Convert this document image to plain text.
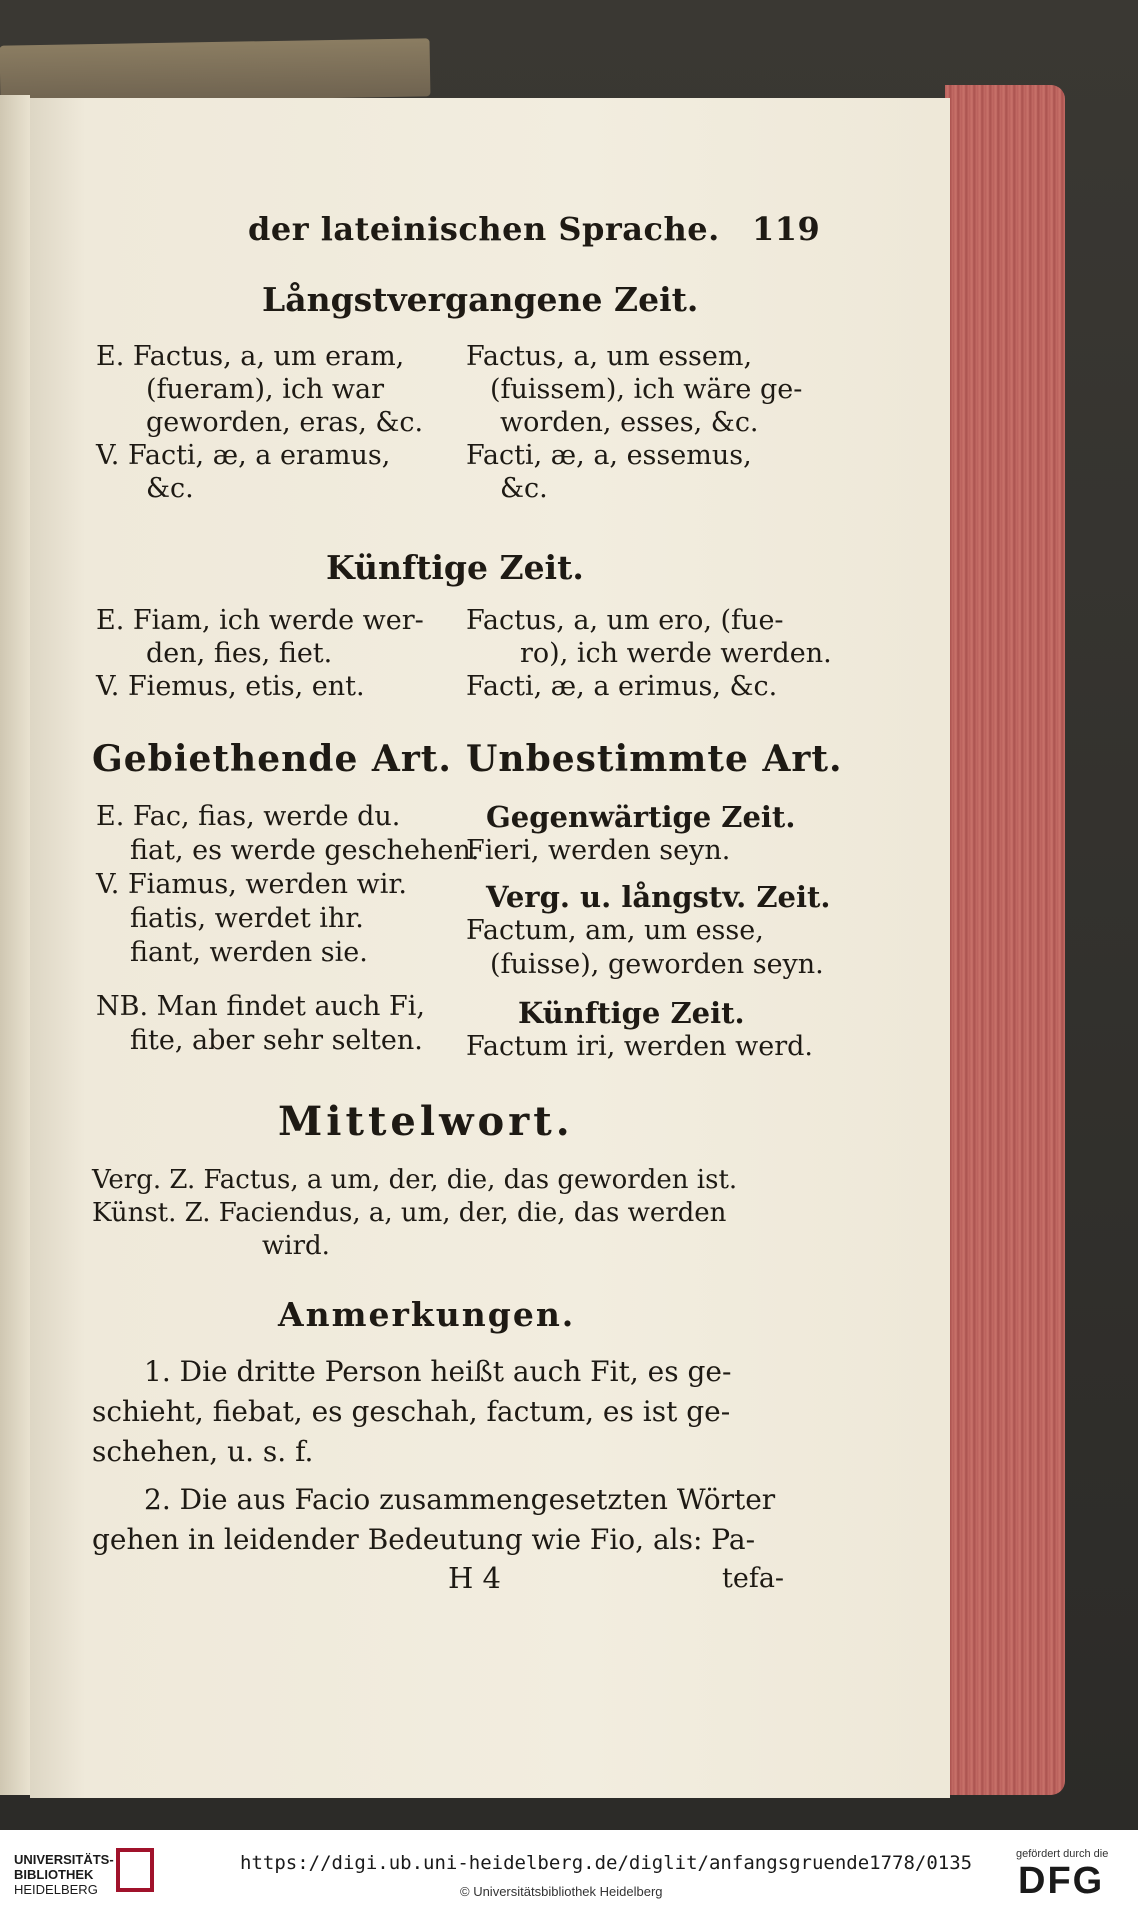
der lateinischen Sprache. 119
Långstvergangene Zeit.
E. Factus, a, um eram,
(fueram), ich war
geworden, eras, &c.
V. Facti, æ, a eramus,
&c.
Factus, a, um essem,
(fuissem), ich wäre ge-
worden, esses, &c.
Facti, æ, a, essemus,
&c.
Künftige Zeit.
E. Fiam, ich werde wer-
den, fies, fiet.
V. Fiemus, etis, ent.
Factus, a, um ero, (fue-
ro), ich werde werden.
Facti, æ, a erimus, &c.
Gebiethende Art. Unbestimmte Art.
E. Fac, fias, werde du.
fiat, es werde geschehen.
V. Fiamus, werden wir.
fiatis, werdet ihr.
fiant, werden sie.
NB. Man findet auch Fi,
fite, aber sehr selten.
Gegenwärtige Zeit.
Fieri, werden seyn.
Verg. u. långstv. Zeit.
Factum, am, um esse,
(fuisse), geworden seyn.
Künftige Zeit.
Factum iri, werden werd.
Mittelwort.
Verg. Z. Factus, a um, der, die, das geworden ist.
Künst. Z. Faciendus, a, um, der, die, das werden
wird.
Anmerkungen.
1. Die dritte Person heißt auch Fit, es ge-
schieht, fiebat, es geschah, factum, es ist ge-
schehen, u. s. f.
2. Die aus Facio zusammengesetzten Wörter
gehen in leidender Bedeutung wie Fio, als: Pa-
H 4	tefa-
UNIVERSITÄTS-
BIBLIOTHEK
HEIDELBERG
https://digi.ub.uni-heidelberg.de/diglit/anfangsgruende1778/0135
© Universitätsbibliothek Heidelberg
gefördert durch die
DFG
